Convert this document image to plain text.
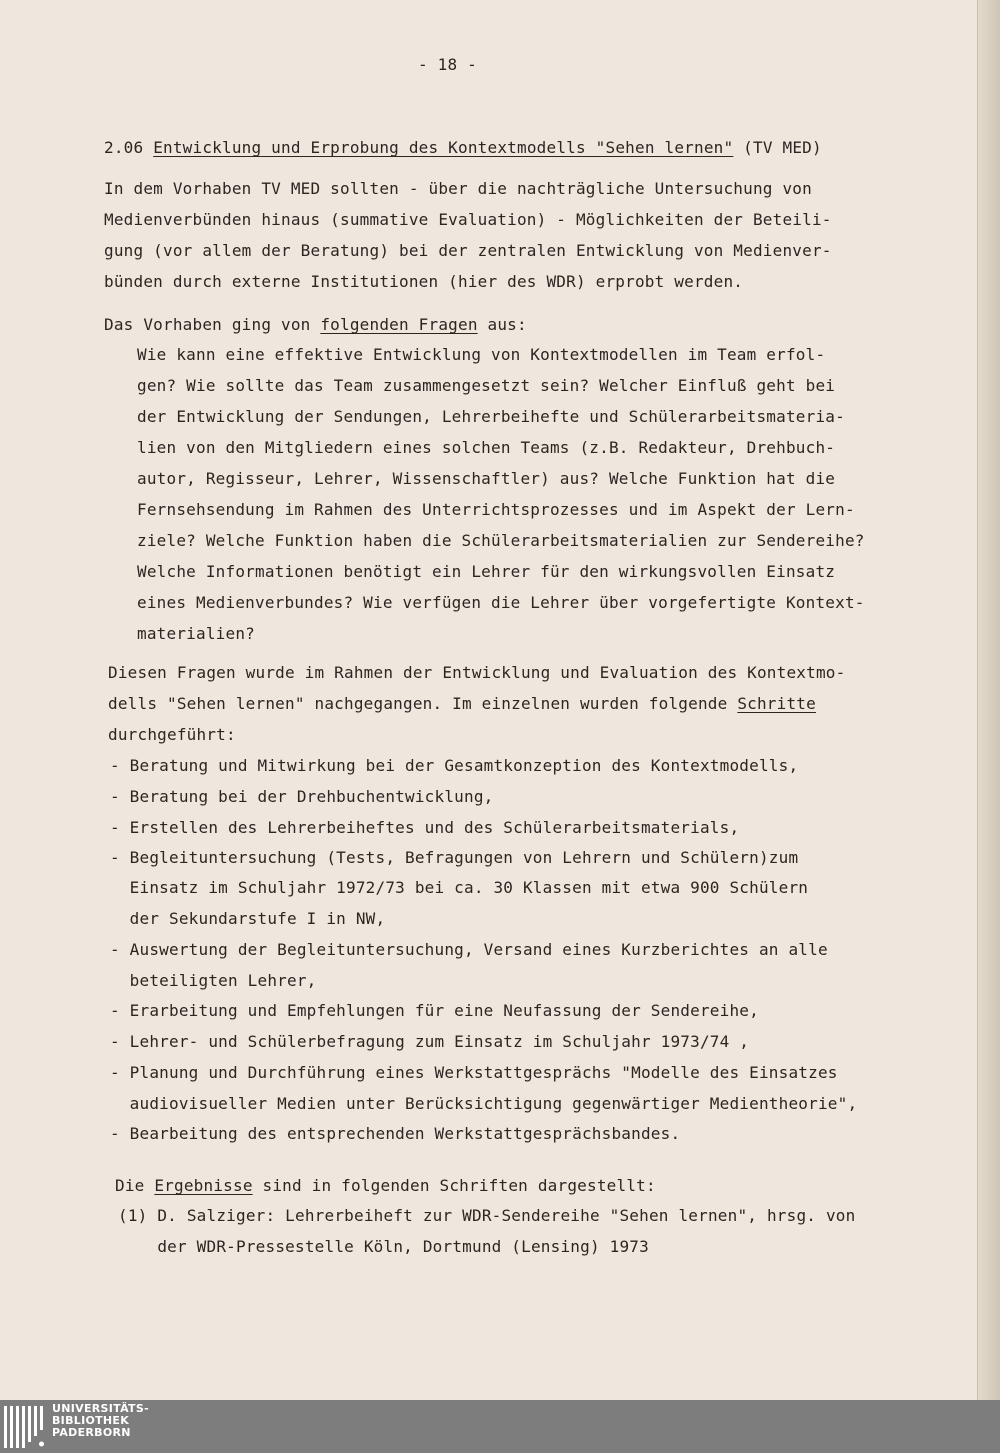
- 18 -
2.06 Entwicklung und Erprobung des Kontextmodells "Sehen lernen" (TV MED)
In dem Vorhaben TV MED sollten - über die nachträgliche Untersuchung von
Medienverbünden hinaus (summative Evaluation) - Möglichkeiten der Beteili-
gung (vor allem der Beratung) bei der zentralen Entwicklung von Medienver-
bünden durch externe Institutionen (hier des WDR) erprobt werden.
Das Vorhaben ging von folgenden Fragen aus:
Wie kann eine effektive Entwicklung von Kontextmodellen im Team erfol-
gen? Wie sollte das Team zusammengesetzt sein? Welcher Einfluß geht bei
der Entwicklung der Sendungen, Lehrerbeihefte und Schülerarbeitsmateria-
lien von den Mitgliedern eines solchen Teams (z.B. Redakteur, Drehbuch-
autor, Regisseur, Lehrer, Wissenschaftler) aus? Welche Funktion hat die
Fernsehsendung im Rahmen des Unterrichtsprozesses und im Aspekt der Lern-
ziele? Welche Funktion haben die Schülerarbeitsmaterialien zur Sendereihe?
Welche Informationen benötigt ein Lehrer für den wirkungsvollen Einsatz
eines Medienverbundes? Wie verfügen die Lehrer über vorgefertigte Kontext-
materialien?
Diesen Fragen wurde im Rahmen der Entwicklung und Evaluation des Kontextmo-
dells "Sehen lernen" nachgegangen. Im einzelnen wurden folgende Schritte
durchgeführt:

- Beratung und Mitwirkung bei der Gesamtkonzeption des Kontextmodells,

- Beratung bei der Drehbuchentwicklung,

- Erstellen des Lehrerbeiheftes und des Schülerarbeitsmaterials,

- Begleituntersuchung (Tests, Befragungen von Lehrern und Schülern)zum

Einsatz im Schuljahr 1972/73 bei ca. 30 Klassen mit etwa 900 Schülern

der Sekundarstufe I in NW,

- Auswertung der Begleituntersuchung, Versand eines Kurzberichtes an alle

beteiligten Lehrer,

- Erarbeitung und Empfehlungen für eine Neufassung der Sendereihe,

- Lehrer- und Schülerbefragung zum Einsatz im Schuljahr 1973/74 ,

- Planung und Durchführung eines Werkstattgesprächs "Modelle des Einsatzes

audiovisueller Medien unter Berücksichtigung gegenwärtiger Medientheorie",

- Bearbeitung des entsprechenden Werkstattgesprächsbandes.

Die Ergebnisse sind in folgenden Schriften dargestellt:
(1) D. Salziger: Lehrerbeiheft zur WDR-Sendereihe "Sehen lernen", hrsg. von
der WDR-Pressestelle Köln, Dortmund (Lensing) 1973
UNIVERSITÄTS-
BIBLIOTHEK
PADERBORN
